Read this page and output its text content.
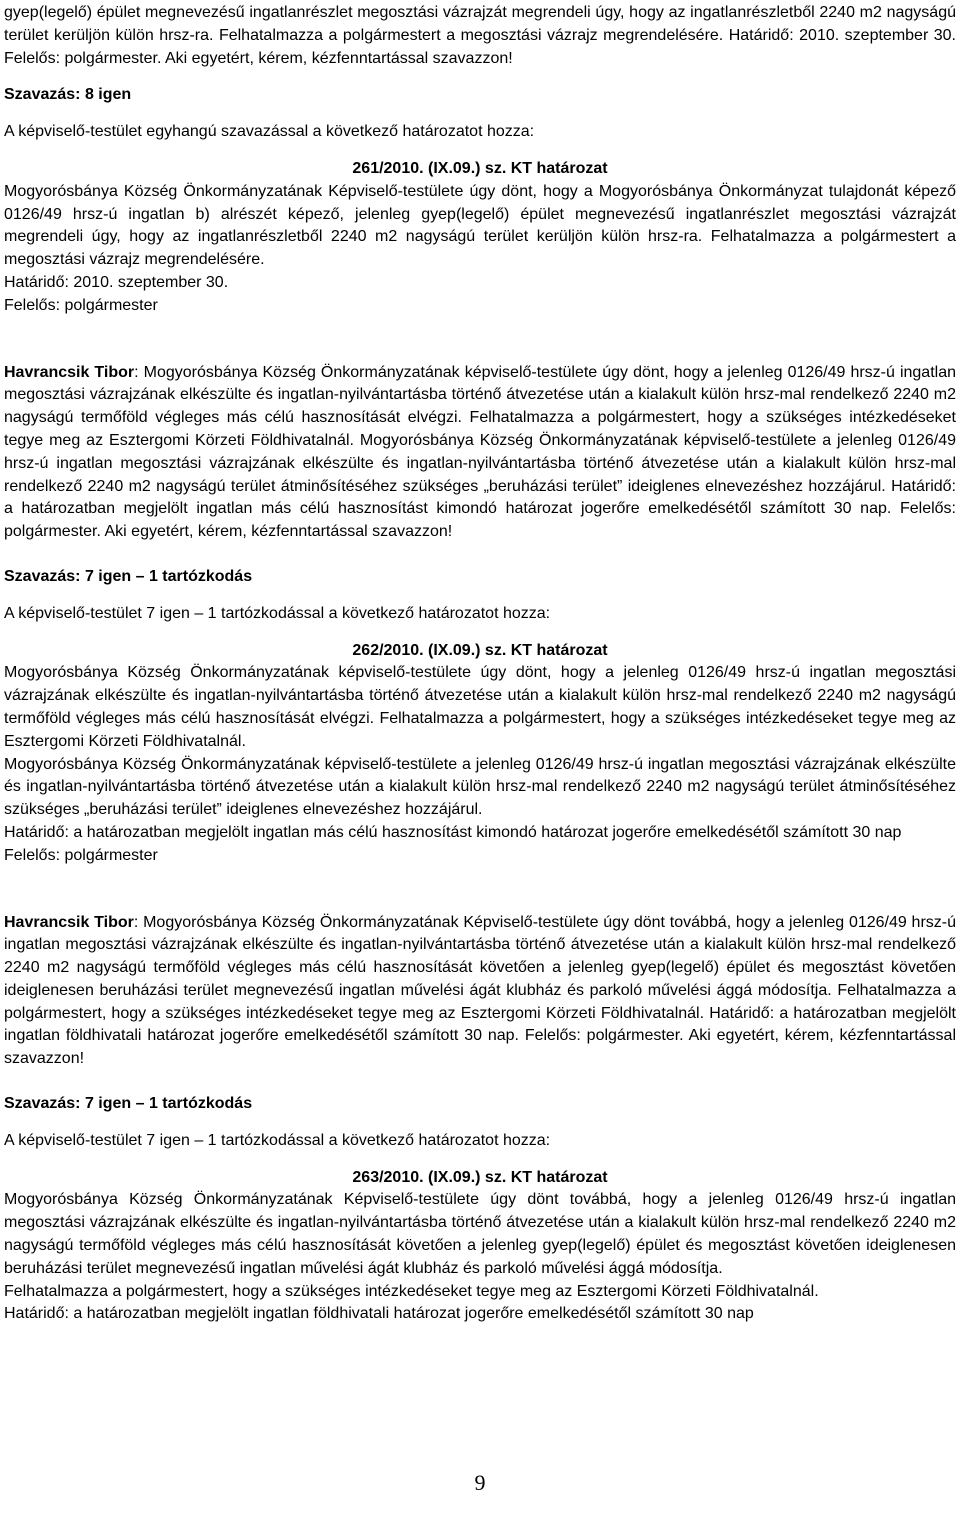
gyep(legelő) épület megnevezésű ingatlanrészlet megosztási vázrajzát megrendeli úgy, hogy az ingatlanrészletből 2240 m2 nagyságú terület kerüljön külön hrsz-ra. Felhatalmazza a polgármestert a megosztási vázrajz megrendelésére. Határidő: 2010. szeptember 30. Felelős: polgármester. Aki egyetért, kérem, kézfenntartással szavazzon!

Szavazás: 8 igen

A képviselő-testület egyhangú szavazással a következő határozatot hozza:

261/2010. (IX.09.) sz. KT határozat

Mogyorósbánya Község Önkormányzatának Képviselő-testülete úgy dönt, hogy a Mogyorósbánya Önkormányzat tulajdonát képező 0126/49 hrsz-ú ingatlan b) alrészét képező, jelenleg gyep(legelő) épület megnevezésű ingatlanrészlet megosztási vázrajzát megrendeli úgy, hogy az ingatlanrészletből 2240 m2 nagyságú terület kerüljön külön hrsz-ra. Felhatalmazza a polgármestert a megosztási vázrajz megrendelésére.

Határidő: 2010. szeptember 30.

Felelős: polgármester

Havrancsik Tibor: Mogyorósbánya Község Önkormányzatának képviselő-testülete úgy dönt, hogy a jelenleg 0126/49 hrsz-ú ingatlan megosztási vázrajzának elkészülte és ingatlan-nyilvántartásba történő átvezetése után a kialakult külön hrsz-mal rendelkező 2240 m2 nagyságú termőföld végleges más célú hasznosítását elvégzi. Felhatalmazza a polgármestert, hogy a szükséges intézkedéseket tegye meg az Esztergomi Körzeti Földhivatalnál. Mogyorósbánya Község Önkormányzatának képviselő-testülete a jelenleg 0126/49 hrsz-ú ingatlan megosztási vázrajzának elkészülte és ingatlan-nyilvántartásba történő átvezetése után a kialakult külön hrsz-mal rendelkező 2240 m2 nagyságú terület átminősítéséhez szükséges „beruházási terület” ideiglenes elnevezéshez hozzájárul. Határidő: a határozatban megjelölt ingatlan más célú hasznosítást kimondó határozat jogerőre emelkedésétől számított 30 nap. Felelős: polgármester. Aki egyetért, kérem, kézfenntartással szavazzon!

Szavazás: 7 igen – 1 tartózkodás

A képviselő-testület 7 igen – 1 tartózkodással a következő határozatot hozza:

262/2010. (IX.09.) sz. KT határozat

Mogyorósbánya Község Önkormányzatának képviselő-testülete úgy dönt, hogy a jelenleg 0126/49 hrsz-ú ingatlan megosztási vázrajzának elkészülte és ingatlan-nyilvántartásba történő átvezetése után a kialakult külön hrsz-mal rendelkező 2240 m2 nagyságú termőföld végleges más célú hasznosítását elvégzi. Felhatalmazza a polgármestert, hogy a szükséges intézkedéseket tegye meg az Esztergomi Körzeti Földhivatalnál.

Mogyorósbánya Község Önkormányzatának képviselő-testülete a jelenleg 0126/49 hrsz-ú ingatlan megosztási vázrajzának elkészülte és ingatlan-nyilvántartásba történő átvezetése után a kialakult külön hrsz-mal rendelkező 2240 m2 nagyságú terület átminősítéséhez szükséges „beruházási terület” ideiglenes elnevezéshez hozzájárul.

Határidő: a határozatban megjelölt ingatlan más célú hasznosítást kimondó határozat jogerőre emelkedésétől számított 30 nap

Felelős: polgármester

Havrancsik Tibor: Mogyorósbánya Község Önkormányzatának Képviselő-testülete úgy dönt továbbá, hogy a jelenleg 0126/49 hrsz-ú ingatlan megosztási vázrajzának elkészülte és ingatlan-nyilvántartásba történő átvezetése után a kialakult külön hrsz-mal rendelkező 2240 m2 nagyságú termőföld végleges más célú hasznosítását követően a jelenleg gyep(legelő) épület és megosztást követően ideiglenesen beruházási terület megnevezésű ingatlan művelési ágát klubház és parkoló művelési ággá módosítja. Felhatalmazza a polgármestert, hogy a szükséges intézkedéseket tegye meg az Esztergomi Körzeti Földhivatalnál. Határidő: a határozatban megjelölt ingatlan földhivatali határozat jogerőre emelkedésétől számított 30 nap. Felelős: polgármester. Aki egyetért, kérem, kézfenntartással szavazzon!

Szavazás: 7 igen – 1 tartózkodás

A képviselő-testület 7 igen – 1 tartózkodással a következő határozatot hozza:

263/2010. (IX.09.) sz. KT határozat

Mogyorósbánya Község Önkormányzatának Képviselő-testülete úgy dönt továbbá, hogy a jelenleg 0126/49 hrsz-ú ingatlan megosztási vázrajzának elkészülte és ingatlan-nyilvántartásba történő átvezetése után a kialakult külön hrsz-mal rendelkező 2240 m2 nagyságú termőföld végleges más célú hasznosítását követően a jelenleg gyep(legelő) épület és megosztást követően ideiglenesen beruházási terület megnevezésű ingatlan művelési ágát klubház és parkoló művelési ággá módosítja.

Felhatalmazza a polgármestert, hogy a szükséges intézkedéseket tegye meg az Esztergomi Körzeti Földhivatalnál.

Határidő: a határozatban megjelölt ingatlan földhivatali határozat jogerőre emelkedésétől számított 30 nap

9
